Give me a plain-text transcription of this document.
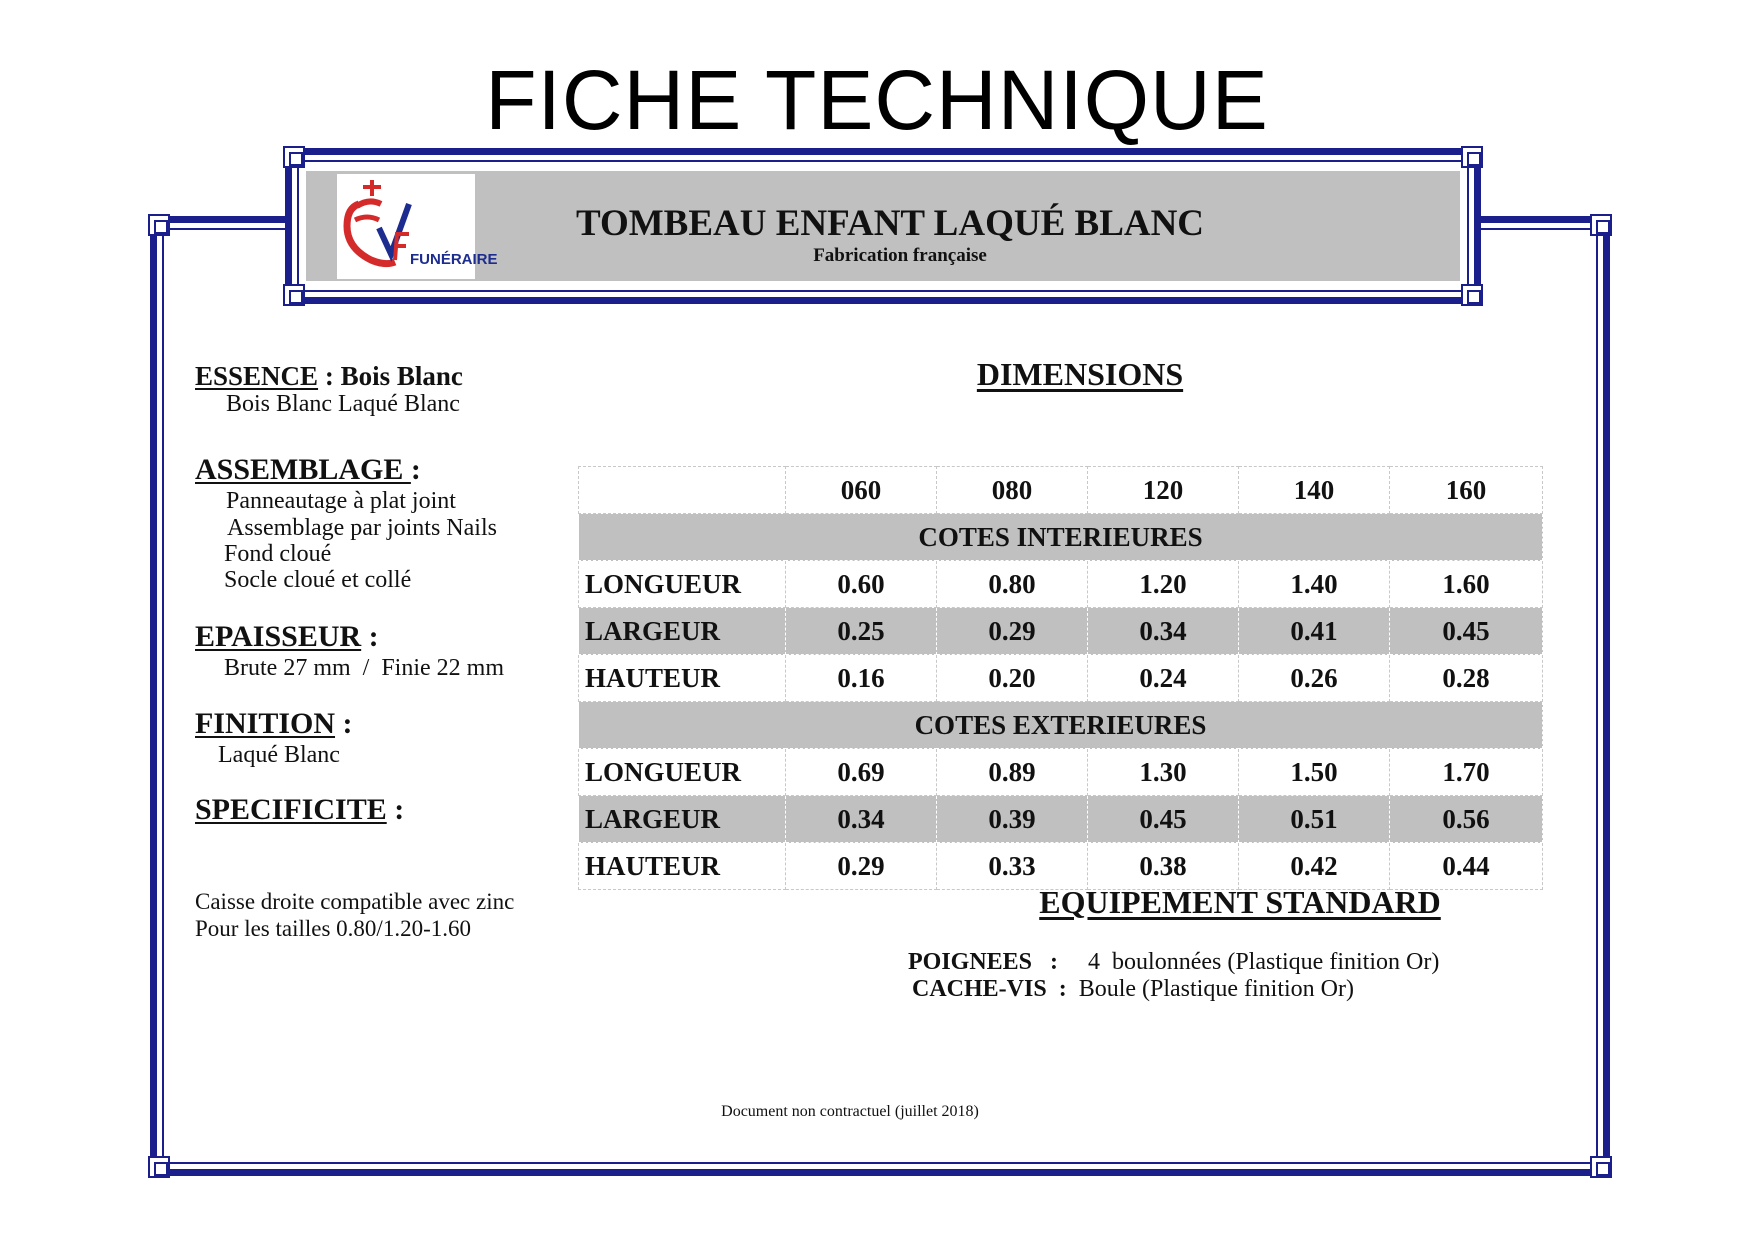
FICHE TECHNIQUE
FUNÉRAIRE
TOMBEAU ENFANT LAQUÉ BLANC
Fabrication française
ESSENCE : Bois Blanc
Bois Blanc Laqué Blanc
ASSEMBLAGE :
Panneautage à plat joint
Assemblage par joints Nails
Fond cloué
Socle cloué et collé
EPAISSEUR :
Brute 27 mm  /  Finie 22 mm
FINITION :
Laqué Blanc
SPECIFICITE :
Caisse droite compatible avec zinc
Pour les tailles 0.80/1.20-1.60
DIMENSIONS
	060	080	120	140	160
COTES INTERIEURES					
LONGUEUR	0.60	0.80	1.20	1.40	1.60
LARGEUR	0.25	0.29	0.34	0.41	0.45
HAUTEUR	0.16	0.20	0.24	0.26	0.28
COTES EXTERIEURES					
LONGUEUR	0.69	0.89	1.30	1.50	1.70
LARGEUR	0.34	0.39	0.45	0.51	0.56
HAUTEUR	0.29	0.33	0.38	0.42	0.44
EQUIPEMENT STANDARD
POIGNEES   :     4  boulonnées (Plastique finition Or)
CACHE-VIS  :  Boule (Plastique finition Or)
Document non contractuel (juillet 2018)
